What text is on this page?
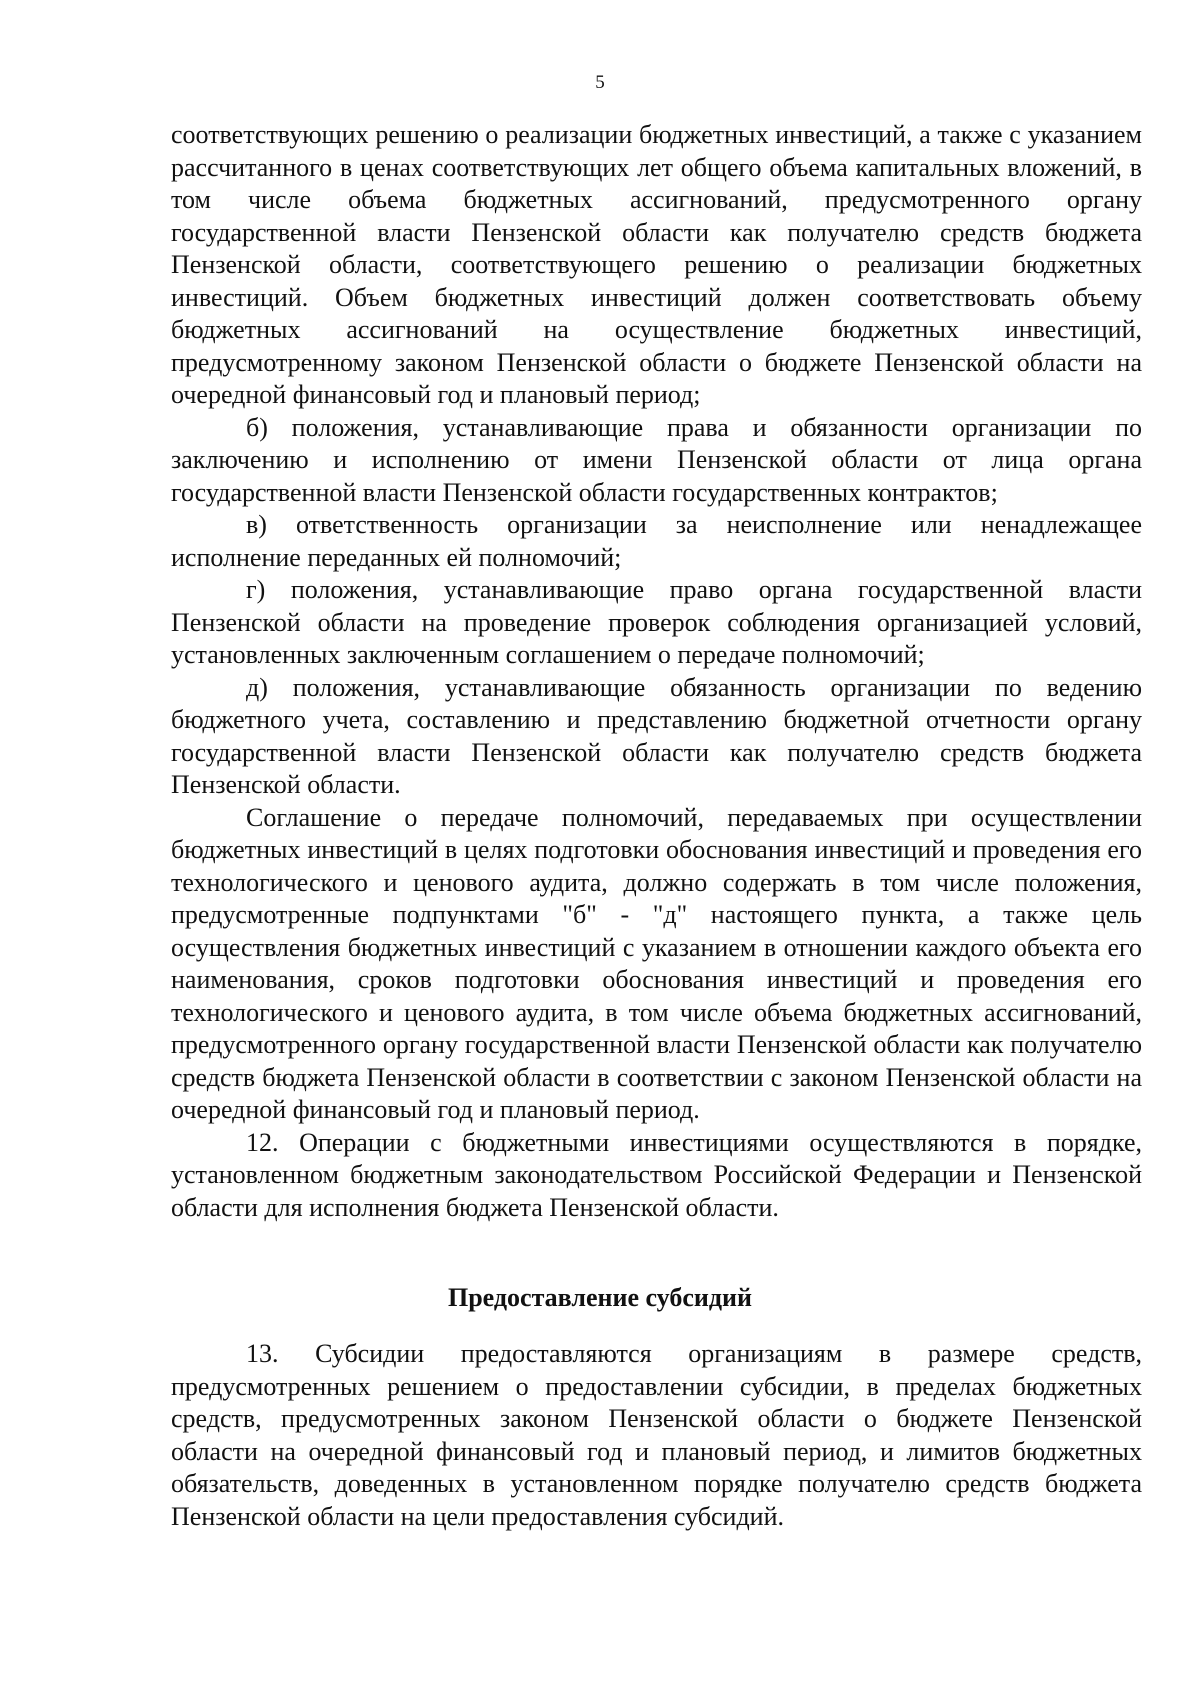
5

соответствующих решению о реализации бюджетных инвестиций, а также с указанием рассчитанного в ценах соответствующих лет общего объема капитальных вложений, в том числе объема бюджетных ассигнований, предусмотренного органу государственной власти Пензенской области как получателю средств бюджета Пензенской области, соответствующего решению о реализации бюджетных инвестиций. Объем бюджетных инвестиций должен соответствовать объему бюджетных ассигнований на осуществление бюджетных инвестиций, предусмотренному законом Пензенской области о бюджете Пензенской области на очередной финансовый год и плановый период;

б) положения, устанавливающие права и обязанности организации по заключению и исполнению от имени Пензенской области от лица органа государственной власти Пензенской области государственных контрактов;

в) ответственность организации за неисполнение или ненадлежащее исполнение переданных ей полномочий;

г) положения, устанавливающие право органа государственной власти Пензенской области на проведение проверок соблюдения организацией условий, установленных заключенным соглашением о передаче полномочий;

д) положения, устанавливающие обязанность организации по ведению бюджетного учета, составлению и представлению бюджетной отчетности органу государственной власти Пензенской области как получателю средств бюджета Пензенской области.

Соглашение о передаче полномочий, передаваемых при осуществлении бюджетных инвестиций в целях подготовки обоснования инвестиций и проведения его технологического и ценового аудита, должно содержать в том числе положения, предусмотренные подпунктами "б" - "д" настоящего пункта, а также цель осуществления бюджетных инвестиций с указанием в отношении каждого объекта его наименования, сроков подготовки обоснования инвестиций и проведения его технологического и ценового аудита, в том числе объема бюджетных ассигнований, предусмотренного органу государственной власти Пензенской области как получателю средств бюджета Пензенской области в соответствии с законом Пензенской области на очередной финансовый год и плановый период.

12. Операции с бюджетными инвестициями осуществляются в порядке, установленном бюджетным законодательством Российской Федерации и Пензенской области для исполнения бюджета Пензенской области.

Предоставление субсидий

13. Субсидии предоставляются организациям в размере средств, предусмотренных решением о предоставлении субсидии, в пределах бюджетных средств, предусмотренных законом Пензенской области о бюджете Пензенской области на очередной финансовый год и плановый период, и лимитов бюджетных обязательств, доведенных в установленном порядке получателю средств бюджета Пензенской области на цели предоставления субсидий.
